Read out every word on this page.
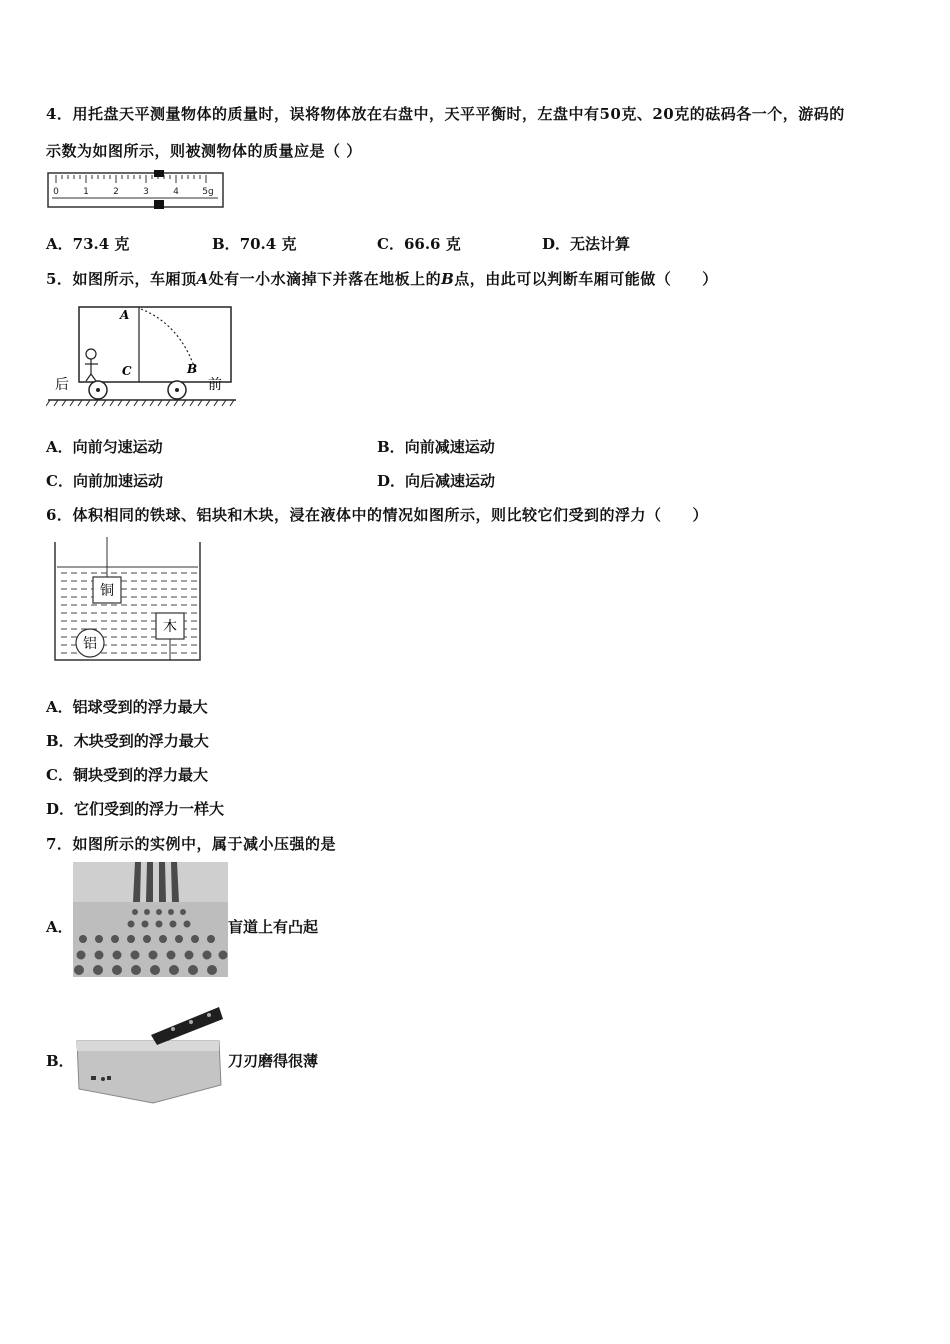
4．用托盘天平测量物体的质量时，误将物体放在右盘中，天平平衡时，左盘中有50克、20克的砝码各一个，游码的
示数为如图所示，则被测物体的质量应是（ ）
0	1	2	3	4	5g
A．73.4 克	B．70.4 克	C．66.6 克	D．无法计算
5．如图所示，车厢顶A处有一小水滴掉下并落在地板上的B点，由此可以判断车厢可能做（　　）
A
C	B
后	前
A．向前匀速运动	B．向前减速运动
C．向前加速运动	D．向后减速运动
6．体积相同的铁球、铝块和木块，浸在液体中的情况如图所示，则比较它们受到的浮力（　　）
铜
木
铝
A．铝球受到的浮力最大
B．木块受到的浮力最大
C．铜块受到的浮力最大
D．它们受到的浮力一样大
7．如图所示的实例中，属于减小压强的是
A．	盲道上有凸起
B．	刀刃磨得很薄
